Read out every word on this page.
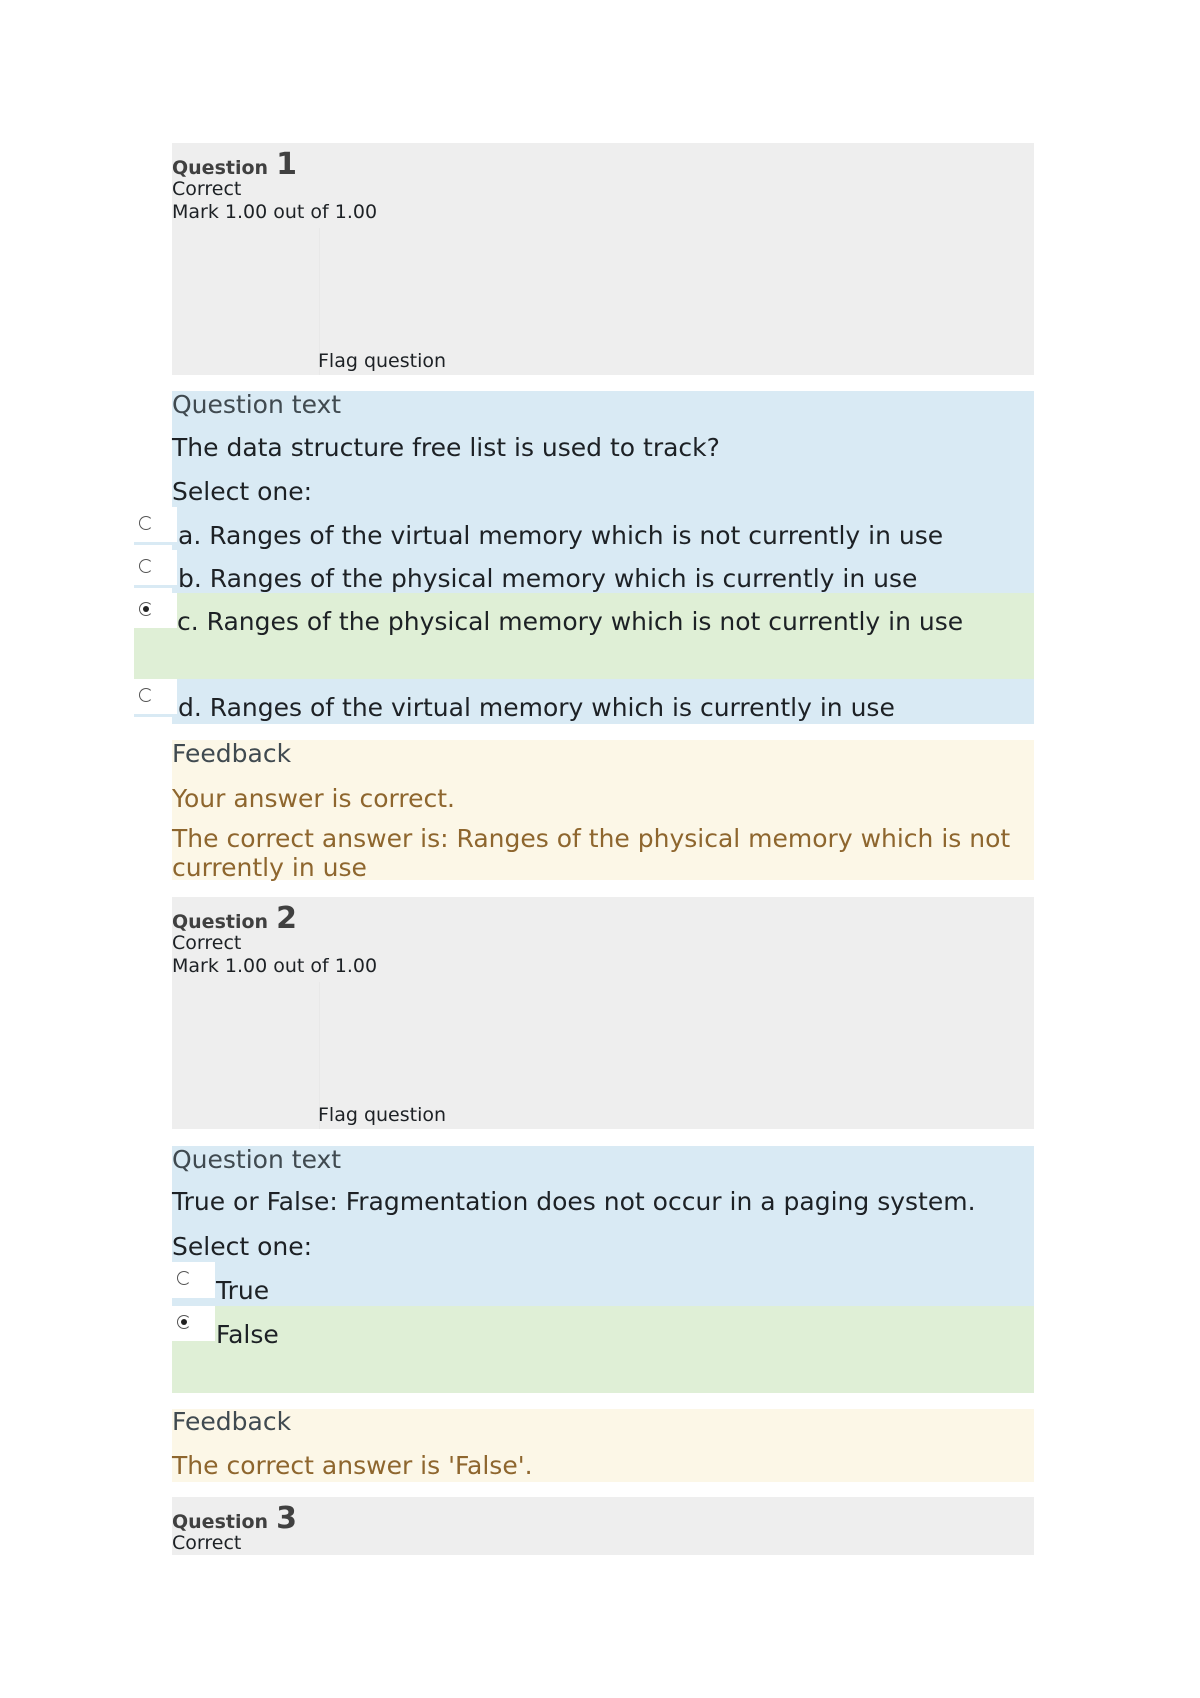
Question 1
Correct
Mark 1.00 out of 1.00
Flag question
Question text
The data structure free list is used to track?
Select one:
a. Ranges of the virtual memory which is not currently in use
b. Ranges of the physical memory which is currently in use
c. Ranges of the physical memory which is not currently in use
d. Ranges of the virtual memory which is currently in use
Feedback
Your answer is correct.
The correct answer is: Ranges of the physical memory which is not currently in use
Question 2
Correct
Mark 1.00 out of 1.00
Flag question
Question text
True or False: Fragmentation does not occur in a paging system.
Select one:
True
False
Feedback
The correct answer is 'False'.
Question 3
Correct
